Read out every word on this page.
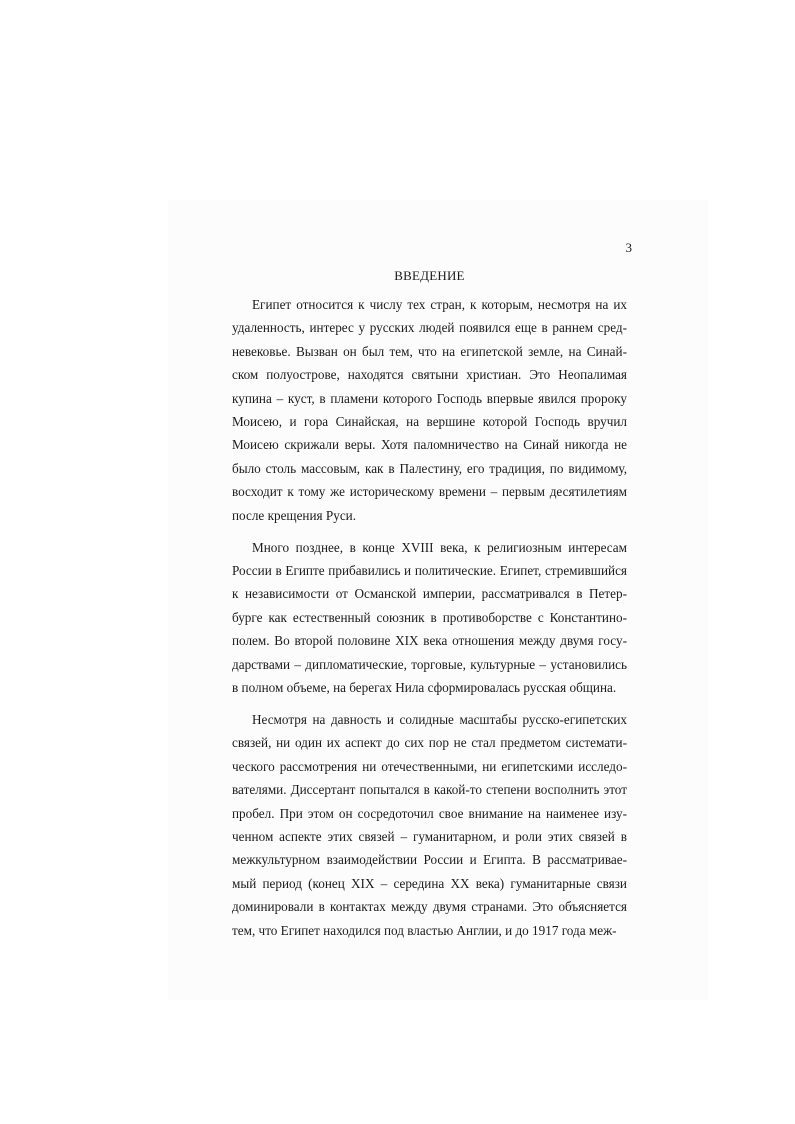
3
ВВЕДЕНИЕ

Египет относится к числу тех стран, к которым, несмотря на их удаленность, интерес у русских людей появился еще в раннем средневековье. Вызван он был тем, что на египетской земле, на Синайском полуострове, находятся святыни христиан. Это Неопалимая купина – куст, в пламени которого Господь впервые явился пророку Моисею, и гора Синайская, на вершине которой Господь вручил Моисею скрижали веры. Хотя паломничество на Синай никогда не было столь массовым, как в Палестину, его традиция, по видимому, восходит к тому же историческому времени – первым десятилетиям после крещения Руси.

Много позднее, в конце XVIII века, к религиозным интересам России в Египте прибавились и политические. Египет, стремившийся к независимости от Османской империи, рассматривался в Петербурге как естественный союзник в противоборстве с Константинополем. Во второй половине XIX века отношения между двумя государствами – дипломатические, торговые, культурные – установились в полном объеме, на берегах Нила сформировалась русская община.

Несмотря на давность и солидные масштабы русско-египетских связей, ни один их аспект до сих пор не стал предметом систематического рассмотрения ни отечественными, ни египетскими исследователями. Диссертант попытался в какой-то степени восполнить этот пробел. При этом он сосредоточил свое внимание на наименее изученном аспекте этих связей – гуманитарном, и роли этих связей в межкультурном взаимодействии России и Египта. В рассматриваемый период (конец XIX – середина XX века) гуманитарные связи доминировали в контактах между двумя странами. Это объясняется тем, что Египет находился под властью Англии, и до 1917 года меж-
